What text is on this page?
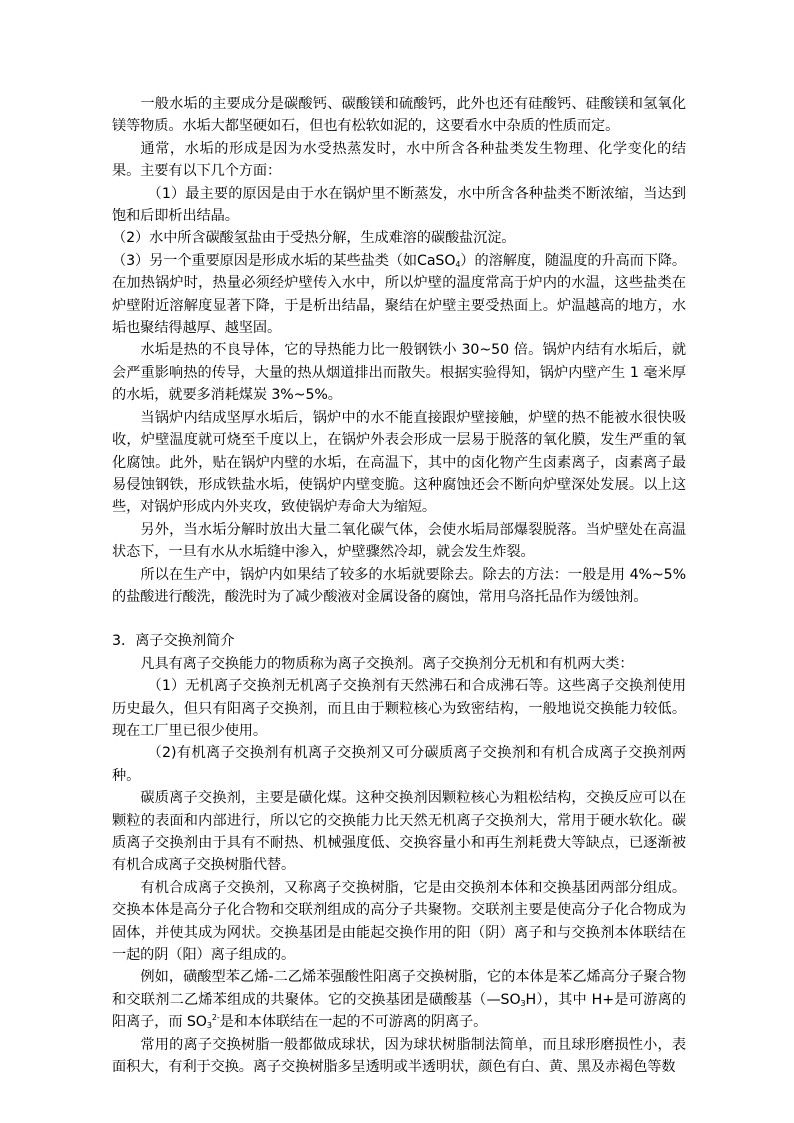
一般水垢的主要成分是碳酸钙、碳酸镁和硫酸钙，此外也还有硅酸钙、硅酸镁和氢氧化镁等物质。水垢大都坚硬如石，但也有松软如泥的，这要看水中杂质的性质而定。

通常，水垢的形成是因为水受热蒸发时，水中所含各种盐类发生物理、化学变化的结果。主要有以下几个方面：

（1）最主要的原因是由于水在锅炉里不断蒸发，水中所含各种盐类不断浓缩，当达到饱和后即析出结晶。

（2）水中所含碳酸氢盐由于受热分解，生成难溶的碳酸盐沉淀。

（3）另一个重要原因是形成水垢的某些盐类（如CaSO$_4$）的溶解度，随温度的升高而下降。在加热锅炉时，热量必须经炉壁传入水中，所以炉壁的温度常高于炉内的水温，这些盐类在炉壁附近溶解度显著下降，于是析出结晶，聚结在炉壁主要受热面上。炉温越高的地方，水垢也聚结得越厚、越坚固。

水垢是热的不良导体，它的导热能力比一般钢铁小 30~50 倍。锅炉内结有水垢后，就会严重影响热的传导，大量的热从烟道排出而散失。根据实验得知，锅炉内壁产生 1 毫米厚的水垢，就要多消耗煤炭 3%~5%。

当锅炉内结成坚厚水垢后，锅炉中的水不能直接跟炉壁接触，炉壁的热不能被水很快吸收，炉壁温度就可烧至千度以上，在锅炉外表会形成一层易于脱落的氧化膜，发生严重的氧化腐蚀。此外，贴在锅炉内壁的水垢，在高温下，其中的卤化物产生卤素离子，卤素离子最易侵蚀钢铁，形成铁盐水垢，使锅炉内壁变脆。这种腐蚀还会不断向炉壁深处发展。以上这些，对锅炉形成内外夹攻，致使锅炉寿命大为缩短。

另外，当水垢分解时放出大量二氧化碳气体，会使水垢局部爆裂脱落。当炉壁处在高温状态下，一旦有水从水垢缝中渗入，炉壁骤然冷却，就会发生炸裂。

所以在生产中，锅炉内如果结了较多的水垢就要除去。除去的方法：一般是用 4%~5%的盐酸进行酸洗，酸洗时为了减少酸液对金属设备的腐蚀，常用乌洛托品作为缓蚀剂。

3．离子交换剂简介

凡具有离子交换能力的物质称为离子交换剂。离子交换剂分无机和有机两大类：

（1）无机离子交换剂无机离子交换剂有天然沸石和合成沸石等。这些离子交换剂使用历史最久，但只有阳离子交换剂，而且由于颗粒核心为致密结构，一般地说交换能力较低。现在工厂里已很少使用。

（2)有机离子交换剂有机离子交换剂又可分碳质离子交换剂和有机合成离子交换剂两种。

碳质离子交换剂，主要是磺化煤。这种交换剂因颗粒核心为粗松结构，交换反应可以在颗粒的表面和内部进行，所以它的交换能力比天然无机离子交换剂大，常用于硬水软化。碳质离子交换剂由于具有不耐热、机械强度低、交换容量小和再生剂耗费大等缺点，已逐渐被有机合成离子交换树脂代替。

有机合成离子交换剂，又称离子交换树脂，它是由交换剂本体和交换基团两部分组成。交换本体是高分子化合物和交联剂组成的高分子共聚物。交联剂主要是使高分子化合物成为固体，并使其成为网状。交换基团是由能起交换作用的阳（阴）离子和与交换剂本体联结在一起的阴（阳）离子组成的。

例如，磺酸型苯乙烯-二乙烯苯强酸性阳离子交换树脂，它的本体是苯乙烯高分子聚合物和交联剂二乙烯苯组成的共聚体。它的交换基团是磺酸基$(—SO_3H)$，其中 H+是可游离的阳离子，而 $SO_3^{2-}$是和本体联结在一起的不可游离的阴离子。

常用的离子交换树脂一般都做成球状，因为球状树脂制法简单，而且球形磨损性小，表面积大，有利于交换。离子交换树脂多呈透明或半透明状，颜色有白、黄、黑及赤褐色等数
